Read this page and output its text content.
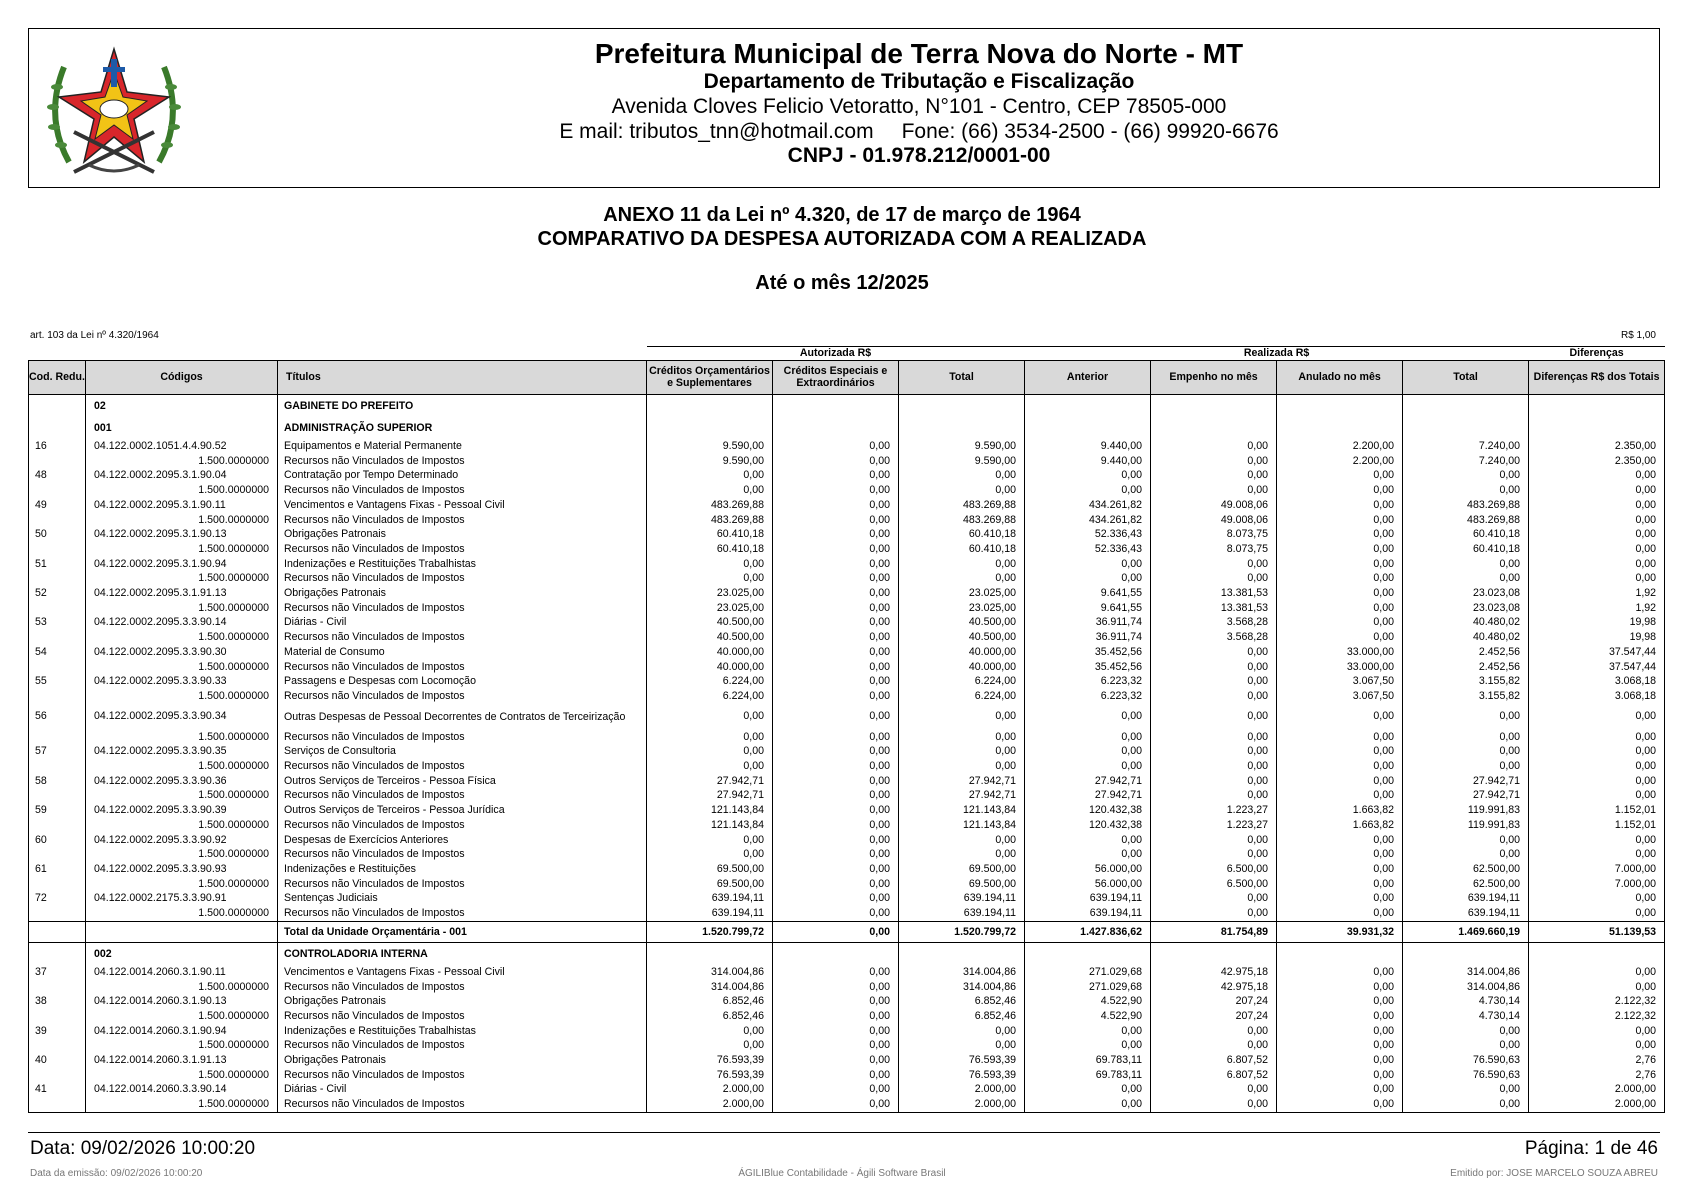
Prefeitura Municipal de Terra Nova do Norte - MT
Departamento de Tributação e Fiscalização
Avenida Cloves Felicio Vetoratto, N°101 - Centro, CEP 78505-000
E mail: tributos_tnn@hotmail.com Fone: (66) 3534-2500 - (66) 99920-6676
CNPJ - 01.978.212/0001-00
ANEXO 11 da Lei nº 4.320, de 17 de março de 1964
COMPARATIVO DA DESPESA AUTORIZADA COM A REALIZADA
Até o mês 12/2025
art. 103 da Lei nº 4.320/1964	R$ 1,00
			Autorizada R$			Realizada R$				Diferenças
Cod. Redu.	Códigos	Títulos	Créditos Orçamentários e Suplementares	Créditos Especiais e Extraordinários	Total	Anterior	Empenho no mês	Anulado no mês	Total	Diferenças R$ dos Totais
	02	GABINETE DO PREFEITO								
	001	ADMINISTRAÇÃO SUPERIOR								
16	04.122.0002.1051.4.4.90.52	Equipamentos e Material Permanente	9.590,00	0,00	9.590,00	9.440,00	0,00	2.200,00	7.240,00	2.350,00
	1.500.0000000	Recursos não Vinculados de Impostos	9.590,00	0,00	9.590,00	9.440,00	0,00	2.200,00	7.240,00	2.350,00
48	04.122.0002.2095.3.1.90.04	Contratação por Tempo Determinado	0,00	0,00	0,00	0,00	0,00	0,00	0,00	0,00
	1.500.0000000	Recursos não Vinculados de Impostos	0,00	0,00	0,00	0,00	0,00	0,00	0,00	0,00
49	04.122.0002.2095.3.1.90.11	Vencimentos e Vantagens Fixas - Pessoal Civil	483.269,88	0,00	483.269,88	434.261,82	49.008,06	0,00	483.269,88	0,00
	1.500.0000000	Recursos não Vinculados de Impostos	483.269,88	0,00	483.269,88	434.261,82	49.008,06	0,00	483.269,88	0,00
50	04.122.0002.2095.3.1.90.13	Obrigações Patronais	60.410,18	0,00	60.410,18	52.336,43	8.073,75	0,00	60.410,18	0,00
	1.500.0000000	Recursos não Vinculados de Impostos	60.410,18	0,00	60.410,18	52.336,43	8.073,75	0,00	60.410,18	0,00
51	04.122.0002.2095.3.1.90.94	Indenizações e Restituições Trabalhistas	0,00	0,00	0,00	0,00	0,00	0,00	0,00	0,00
	1.500.0000000	Recursos não Vinculados de Impostos	0,00	0,00	0,00	0,00	0,00	0,00	0,00	0,00
52	04.122.0002.2095.3.1.91.13	Obrigações Patronais	23.025,00	0,00	23.025,00	9.641,55	13.381,53	0,00	23.023,08	1,92
	1.500.0000000	Recursos não Vinculados de Impostos	23.025,00	0,00	23.025,00	9.641,55	13.381,53	0,00	23.023,08	1,92
53	04.122.0002.2095.3.3.90.14	Diárias - Civil	40.500,00	0,00	40.500,00	36.911,74	3.568,28	0,00	40.480,02	19,98
	1.500.0000000	Recursos não Vinculados de Impostos	40.500,00	0,00	40.500,00	36.911,74	3.568,28	0,00	40.480,02	19,98
54	04.122.0002.2095.3.3.90.30	Material de Consumo	40.000,00	0,00	40.000,00	35.452,56	0,00	33.000,00	2.452,56	37.547,44
	1.500.0000000	Recursos não Vinculados de Impostos	40.000,00	0,00	40.000,00	35.452,56	0,00	33.000,00	2.452,56	37.547,44
55	04.122.0002.2095.3.3.90.33	Passagens e Despesas com Locomoção	6.224,00	0,00	6.224,00	6.223,32	0,00	3.067,50	3.155,82	3.068,18
	1.500.0000000	Recursos não Vinculados de Impostos	6.224,00	0,00	6.224,00	6.223,32	0,00	3.067,50	3.155,82	3.068,18
56	04.122.0002.2095.3.3.90.34	Outras Despesas de Pessoal Decorrentes de Contratos de Terceirização	0,00	0,00	0,00	0,00	0,00	0,00	0,00	0,00
	1.500.0000000	Recursos não Vinculados de Impostos	0,00	0,00	0,00	0,00	0,00	0,00	0,00	0,00
57	04.122.0002.2095.3.3.90.35	Serviços de Consultoria	0,00	0,00	0,00	0,00	0,00	0,00	0,00	0,00
	1.500.0000000	Recursos não Vinculados de Impostos	0,00	0,00	0,00	0,00	0,00	0,00	0,00	0,00
58	04.122.0002.2095.3.3.90.36	Outros Serviços de Terceiros - Pessoa Física	27.942,71	0,00	27.942,71	27.942,71	0,00	0,00	27.942,71	0,00
	1.500.0000000	Recursos não Vinculados de Impostos	27.942,71	0,00	27.942,71	27.942,71	0,00	0,00	27.942,71	0,00
59	04.122.0002.2095.3.3.90.39	Outros Serviços de Terceiros - Pessoa Jurídica	121.143,84	0,00	121.143,84	120.432,38	1.223,27	1.663,82	119.991,83	1.152,01
	1.500.0000000	Recursos não Vinculados de Impostos	121.143,84	0,00	121.143,84	120.432,38	1.223,27	1.663,82	119.991,83	1.152,01
60	04.122.0002.2095.3.3.90.92	Despesas de Exercícios Anteriores	0,00	0,00	0,00	0,00	0,00	0,00	0,00	0,00
	1.500.0000000	Recursos não Vinculados de Impostos	0,00	0,00	0,00	0,00	0,00	0,00	0,00	0,00
61	04.122.0002.2095.3.3.90.93	Indenizações e Restituições	69.500,00	0,00	69.500,00	56.000,00	6.500,00	0,00	62.500,00	7.000,00
	1.500.0000000	Recursos não Vinculados de Impostos	69.500,00	0,00	69.500,00	56.000,00	6.500,00	0,00	62.500,00	7.000,00
72	04.122.0002.2175.3.3.90.91	Sentenças Judiciais	639.194,11	0,00	639.194,11	639.194,11	0,00	0,00	639.194,11	0,00
	1.500.0000000	Recursos não Vinculados de Impostos	639.194,11	0,00	639.194,11	639.194,11	0,00	0,00	639.194,11	0,00
		Total da Unidade Orçamentária - 001	1.520.799,72	0,00	1.520.799,72	1.427.836,62	81.754,89	39.931,32	1.469.660,19	51.139,53
	002	CONTROLADORIA INTERNA								
37	04.122.0014.2060.3.1.90.11	Vencimentos e Vantagens Fixas - Pessoal Civil	314.004,86	0,00	314.004,86	271.029,68	42.975,18	0,00	314.004,86	0,00
	1.500.0000000	Recursos não Vinculados de Impostos	314.004,86	0,00	314.004,86	271.029,68	42.975,18	0,00	314.004,86	0,00
38	04.122.0014.2060.3.1.90.13	Obrigações Patronais	6.852,46	0,00	6.852,46	4.522,90	207,24	0,00	4.730,14	2.122,32
	1.500.0000000	Recursos não Vinculados de Impostos	6.852,46	0,00	6.852,46	4.522,90	207,24	0,00	4.730,14	2.122,32
39	04.122.0014.2060.3.1.90.94	Indenizações e Restituições Trabalhistas	0,00	0,00	0,00	0,00	0,00	0,00	0,00	0,00
	1.500.0000000	Recursos não Vinculados de Impostos	0,00	0,00	0,00	0,00	0,00	0,00	0,00	0,00
40	04.122.0014.2060.3.1.91.13	Obrigações Patronais	76.593,39	0,00	76.593,39	69.783,11	6.807,52	0,00	76.590,63	2,76
	1.500.0000000	Recursos não Vinculados de Impostos	76.593,39	0,00	76.593,39	69.783,11	6.807,52	0,00	76.590,63	2,76
41	04.122.0014.2060.3.3.90.14	Diárias - Civil	2.000,00	0,00	2.000,00	0,00	0,00	0,00	0,00	2.000,00
	1.500.0000000	Recursos não Vinculados de Impostos	2.000,00	0,00	2.000,00	0,00	0,00	0,00	0,00	2.000,00
Data: 09/02/2026 10:00:20	Página: 1 de 46
Data da emissão: 09/02/2026 10:00:20	ÁGILIBlue Contabilidade - Ágili Software Brasil	Emitido por: JOSE MARCELO SOUZA ABREU
